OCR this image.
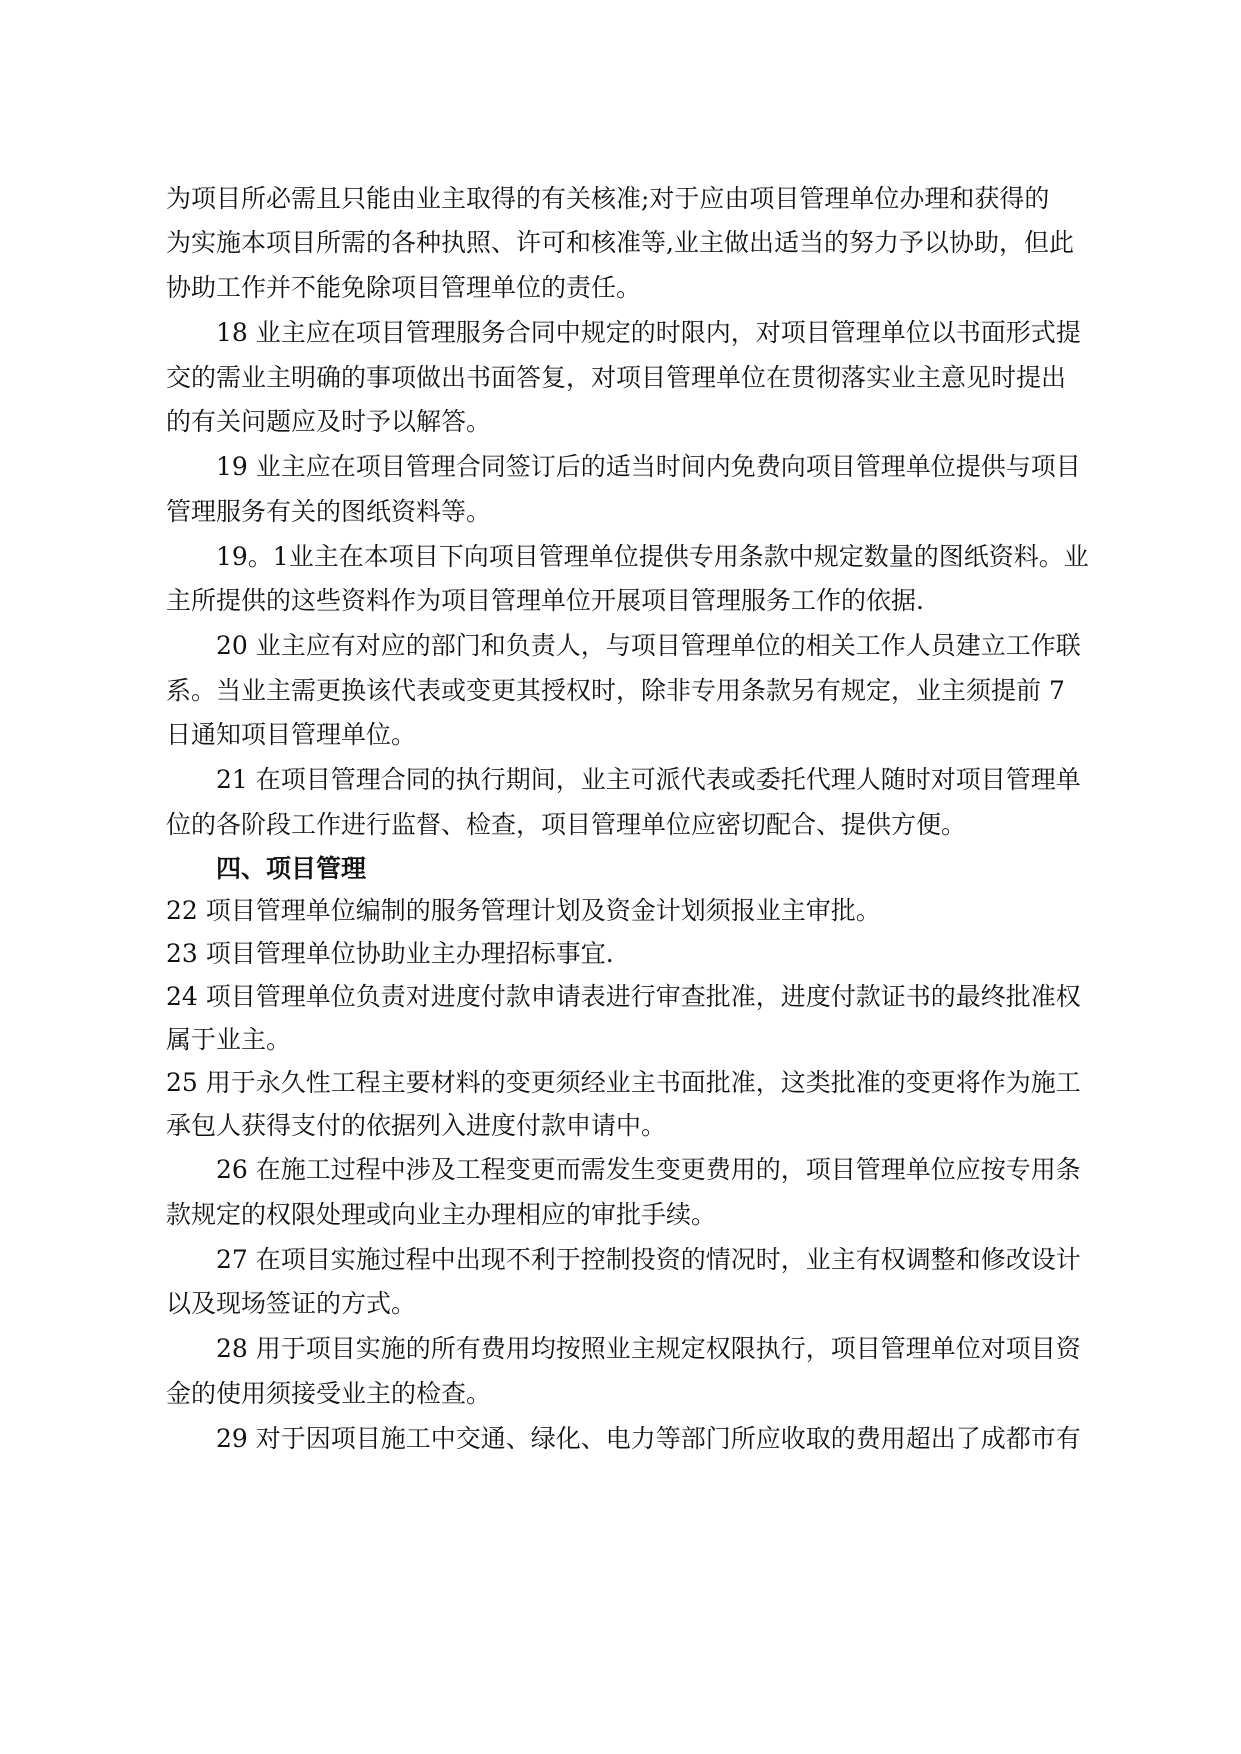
为项目所必需且只能由业主取得的有关核准;对于应由项目管理单位办理和获得的
为实施本项目所需的各种执照、许可和核准等,业主做出适当的努力予以协助，但此
协助工作并不能免除项目管理单位的责任。
18 业主应在项目管理服务合同中规定的时限内，对项目管理单位以书面形式提
交的需业主明确的事项做出书面答复，对项目管理单位在贯彻落实业主意见时提出
的有关问题应及时予以解答。
19 业主应在项目管理合同签订后的适当时间内免费向项目管理单位提供与项目
管理服务有关的图纸资料等。
19。1业主在本项目下向项目管理单位提供专用条款中规定数量的图纸资料。业
主所提供的这些资料作为项目管理单位开展项目管理服务工作的依据.
20 业主应有对应的部门和负责人，与项目管理单位的相关工作人员建立工作联
系。当业主需更换该代表或变更其授权时，除非专用条款另有规定，业主须提前 7
日通知项目管理单位。
21 在项目管理合同的执行期间，业主可派代表或委托代理人随时对项目管理单
位的各阶段工作进行监督、检查，项目管理单位应密切配合、提供方便。
四、项目管理
22 项目管理单位编制的服务管理计划及资金计划须报业主审批。
23 项目管理单位协助业主办理招标事宜.
24 项目管理单位负责对进度付款申请表进行审查批准，进度付款证书的最终批准权
属于业主。
25 用于永久性工程主要材料的变更须经业主书面批准，这类批准的变更将作为施工
承包人获得支付的依据列入进度付款申请中。
26 在施工过程中涉及工程变更而需发生变更费用的，项目管理单位应按专用条
款规定的权限处理或向业主办理相应的审批手续。
27 在项目实施过程中出现不利于控制投资的情况时，业主有权调整和修改设计
以及现场签证的方式。
28 用于项目实施的所有费用均按照业主规定权限执行，项目管理单位对项目资
金的使用须接受业主的检查。
29 对于因项目施工中交通、绿化、电力等部门所应收取的费用超出了成都市有
